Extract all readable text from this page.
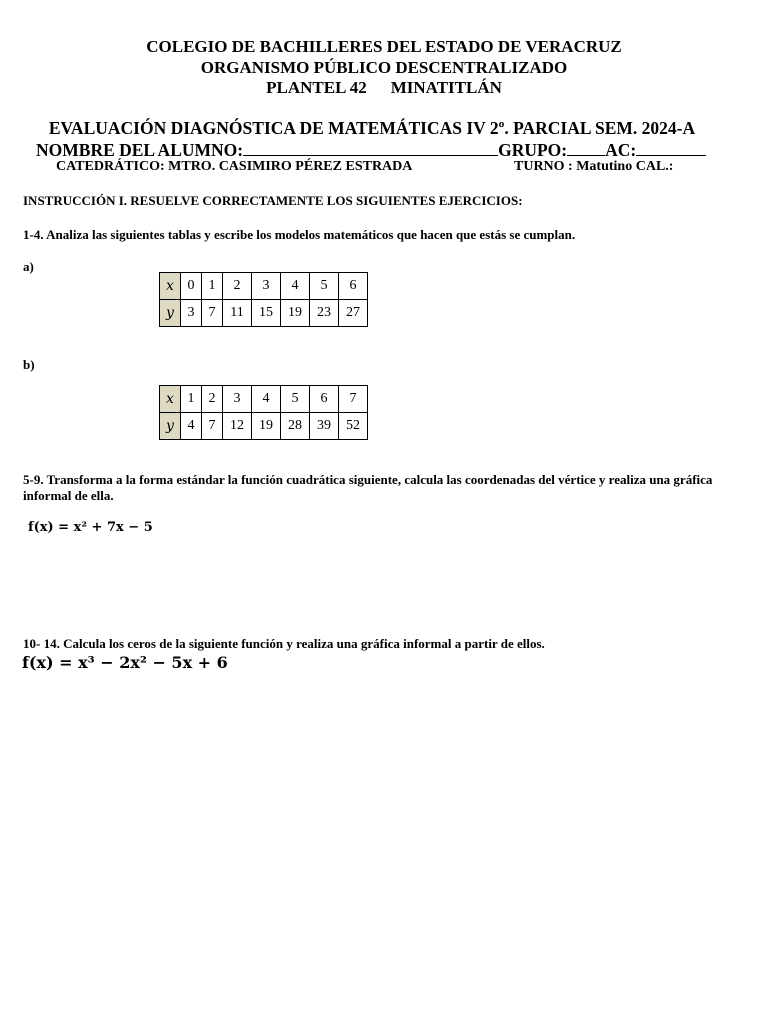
COLEGIO DE BACHILLERES DEL ESTADO DE VERACRUZ
ORGANISMO PÚBLICO DESCENTRALIZADO
PLANTEL 42 MINATITLÁN
EVALUACIÓN DIAGNÓSTICA DE MATEMÁTICAS IV 2º. PARCIAL SEM. 2024-A
NOMBRE DEL ALUMNO:	GRUPO: AC:
CATEDRÁTICO: MTRO. CASIMIRO PÉREZ ESTRADA	TURNO : Matutino CAL.:
INSTRUCCIÓN I. RESUELVE CORRECTAMENTE LOS SIGUIENTES EJERCICIOS:
1-4. Analiza las siguientes tablas y escribe los modelos matemáticos que hacen que estás se cumplan.
a)
x	0	1	2	3	4	5	6
y	3	7	11	15	19	23	27
b)
x	1	2	3	4	5	6	7
y	4	7	12	19	28	39	52
5-9. Transforma a la forma estándar la función cuadrática siguiente, calcula las coordenadas del vértice y realiza una gráfica informal de ella.
f(x) = x² + 7x − 5
10- 14. Calcula los ceros de la siguiente función y realiza una gráfica informal a partir de ellos.
f(x) = x³ − 2x² − 5x + 6
